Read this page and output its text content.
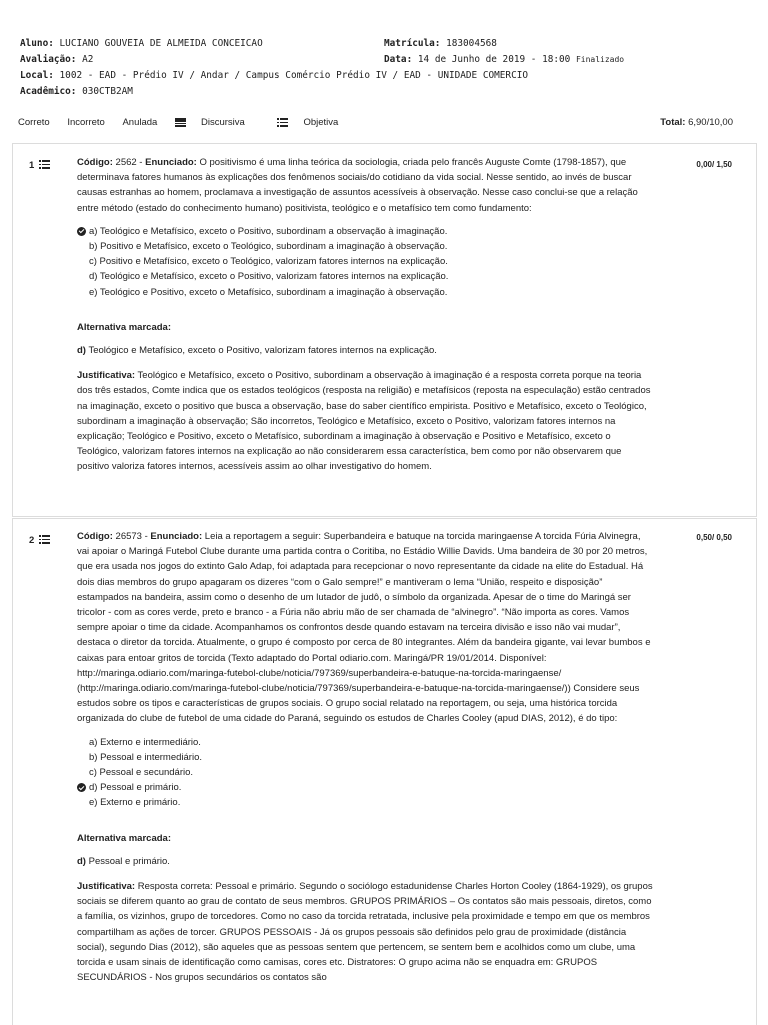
Aluno: LUCIANO GOUVEIA DE ALMEIDA CONCEICAO	Matrícula: 183004568
Avaliação: A2	Data: 14 de Junho de 2019 - 18:00 Finalizado
Local: 1002 - EAD - Prédio IV / Andar / Campus Comércio Prédio IV / EAD - UNIDADE COMERCIO
Acadêmico: 030CTB2AM
Correto Incorreto Anulada	Discursiva	Objetiva	Total: 6,90/10,00
1	0,00/ 1,50

Código: 2562 - Enunciado: O positivismo é uma linha teórica da sociologia, criada pelo francês Auguste Comte (1798-1857), que determinava fatores humanos às explicações dos fenômenos sociais/do cotidiano da vida social. Nesse sentido, ao invés de buscar causas estranhas ao homem, proclamava a investigação de assuntos acessíveis à observação. Nesse caso conclui-se que a relação entre método (estado do conhecimento humano) positivista, teológico e o metafísico tem como fundamento:

a) Teológico e Metafísico, exceto o Positivo, subordinam a observação à imaginação.
b) Positivo e Metafísico, exceto o Teológico, subordinam a imaginação à observação.
c) Positivo e Metafísico, exceto o Teológico, valorizam fatores internos na explicação.
d) Teológico e Metafísico, exceto o Positivo, valorizam fatores internos na explicação.
e) Teológico e Positivo, exceto o Metafísico, subordinam a imaginação à observação.

Alternativa marcada:

d) Teológico e Metafísico, exceto o Positivo, valorizam fatores internos na explicação.

Justificativa: Teológico e Metafísico, exceto o Positivo, subordinam a observação à imaginação é a resposta correta porque na teoria dos três estados, Comte indica que os estados teológicos (resposta na religião) e metafísicos (reposta na especulação) estão centrados na imaginação, exceto o positivo que busca a observação, base do saber científico empirista. Positivo e Metafísico, exceto o Teológico, subordinam a imaginação à observação; São incorretos, Teológico e Metafísico, exceto o Positivo, valorizam fatores internos na explicação; Teológico e Positivo, exceto o Metafísico, subordinam a imaginação à observação e Positivo e Metafísico, exceto o Teológico, valorizam fatores internos na explicação ao não considerarem essa característica, bem como por não observarem que positivo valoriza fatores internos, acessíveis assim ao olhar investigativo do homem.

2	0,50/ 0,50

Código: 26573 - Enunciado: Leia a reportagem a seguir: Superbandeira e batuque na torcida maringaense A torcida Fúria Alvinegra, vai apoiar o Maringá Futebol Clube durante uma partida contra o Coritiba, no Estádio Willie Davids. Uma bandeira de 30 por 20 metros, que era usada nos jogos do extinto Galo Adap, foi adaptada para recepcionar o novo representante da cidade na elite do Estadual. Há dois dias membros do grupo apagaram os dizeres “com o Galo sempre!” e mantiveram o lema “União, respeito e disposição” estampados na bandeira, assim como o desenho de um lutador de judô, o símbolo da organizada. Apesar de o time do Maringá ser tricolor - com as cores verde, preto e branco - a Fúria não abriu mão de ser chamada de “alvinegro”. “Não importa as cores. Vamos sempre apoiar o time da cidade. Acompanhamos os confrontos desde quando estavam na terceira divisão e isso não vai mudar”, destaca o diretor da torcida. Atualmente, o grupo é composto por cerca de 80 integrantes. Além da bandeira gigante, vai levar bumbos e caixas para entoar gritos de torcida (Texto adaptado do Portal odiario.com. Maringá/PR 19/01/2014. Disponível: http://maringa.odiario.com/maringa-futebol-clube/noticia/797369/superbandeira-e-batuque-na-torcida-maringaense/ (http://maringa.odiario.com/maringa-futebol-clube/noticia/797369/superbandeira-e-batuque-na-torcida-maringaense/)) Considere seus estudos sobre os tipos e características de grupos sociais. O grupo social relatado na reportagem, ou seja, uma histórica torcida organizada do clube de futebol de uma cidade do Paraná, seguindo os estudos de Charles Cooley (apud DIAS, 2012), é do tipo:

a) Externo e intermediário.
b) Pessoal e intermediário.
c) Pessoal e secundário.
d) Pessoal e primário.
e) Externo e primário.

Alternativa marcada:

d) Pessoal e primário.

Justificativa: Resposta correta: Pessoal e primário. Segundo o sociólogo estadunidense Charles Horton Cooley (1864-1929), os grupos sociais se diferem quanto ao grau de contato de seus membros. GRUPOS PRIMÁRIOS – Os contatos são mais pessoais, diretos, como a família, os vizinhos, grupo de torcedores. Como no caso da torcida retratada, inclusive pela proximidade e tempo em que os membros compartilham as ações de torcer. GRUPOS PESSOAIS - Já os grupos pessoais são definidos pelo grau de proximidade (distância social), segundo Dias (2012), são aqueles que as pessoas sentem que pertencem, se sentem bem e acolhidos como um clube, uma torcida e usam sinais de identificação como camisas, cores etc. Distratores: O grupo acima não se enquadra em: GRUPOS SECUNDÁRIOS - Nos grupos secundários os contatos são
